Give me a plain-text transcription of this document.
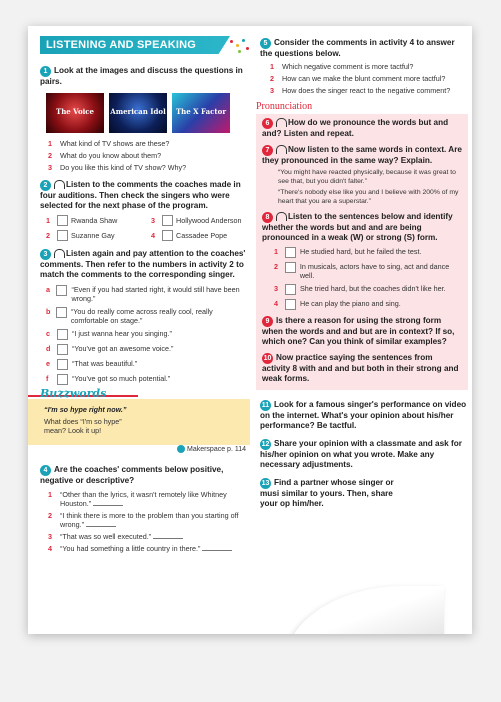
LISTENING AND SPEAKING
1 Look at the images and discuss the questions in pairs.
The Voice	American Idol	The X Factor
1 What kind of TV shows are these?
2 What do you know about them?
3 Do you like this kind of TV show? Why?
2 Listen to the comments the coaches made in four auditions. Then check the singers who were selected for the next phase of the program.
1	Rwanda Shaw	3	Hollywood Anderson
2	Suzanne Gay	4	Cassadee Pope
3 Listen again and pay attention to the coaches' comments. Then refer to the numbers in activity 2 to match the comments to the corresponding singer.
a	“Even if you had started right, it would still have been wrong.”
b	“You do really come across really cool, really comfortable on stage.”
c	“I just wanna hear you singing.”
d	“You've got an awesome voice.”
e	“That was beautiful.”
f	“You've got so much potential.”
Buzzwords
“I'm so hype right now.”
What does “I'm so hype” mean? Look it up!
Makerspace p. 114
4 Are the coaches' comments below positive, negative or descriptive?
1 “Other than the lyrics, it wasn't remotely like Whitney Houston.”
2 “I think there is more to the problem than you starting off wrong.”
3 “That was so well executed.”
4 “You had something a little country in there.”
5 Consider the comments in activity 4 to answer the questions below.
1 Which negative comment is more tactful?
2 How can we make the blunt comment more tactful?
3 How does the singer react to the negative comment?
Pronunciation
6 How do we pronounce the words but and and? Listen and repeat.
7 Now listen to the same words in context. Are they pronounced in the same way? Explain.
“You might have reacted physically, because it was great to see that, but you didn't falter.”
“There's nobody else like you and I believe with 200% of my heart that you are a superstar.”
8 Listen to the sentences below and identify whether the words but and and are being pronounced in a weak (W) or strong (S) form.
1	He studied hard, but he failed the test.
2	In musicals, actors have to sing, act and dance well.
3	She tried hard, but the coaches didn't like her.
4	He can play the piano and sing.
9 Is there a reason for using the strong form when the words and and but are in context? If so, which one? Can you think of similar examples?
10 Now practice saying the sentences from activity 8 with and and but both in their strong and weak forms.
11 Look for a famous singer's performance on video on the internet. What's your opinion about his/her performance? Be tactful.
12 Share your opinion with a classmate and ask for his/her opinion on what you wrote. Make any necessary adjustments.
13 Find a partner whose singer or musi similar to yours. Then, share your op him/her.
